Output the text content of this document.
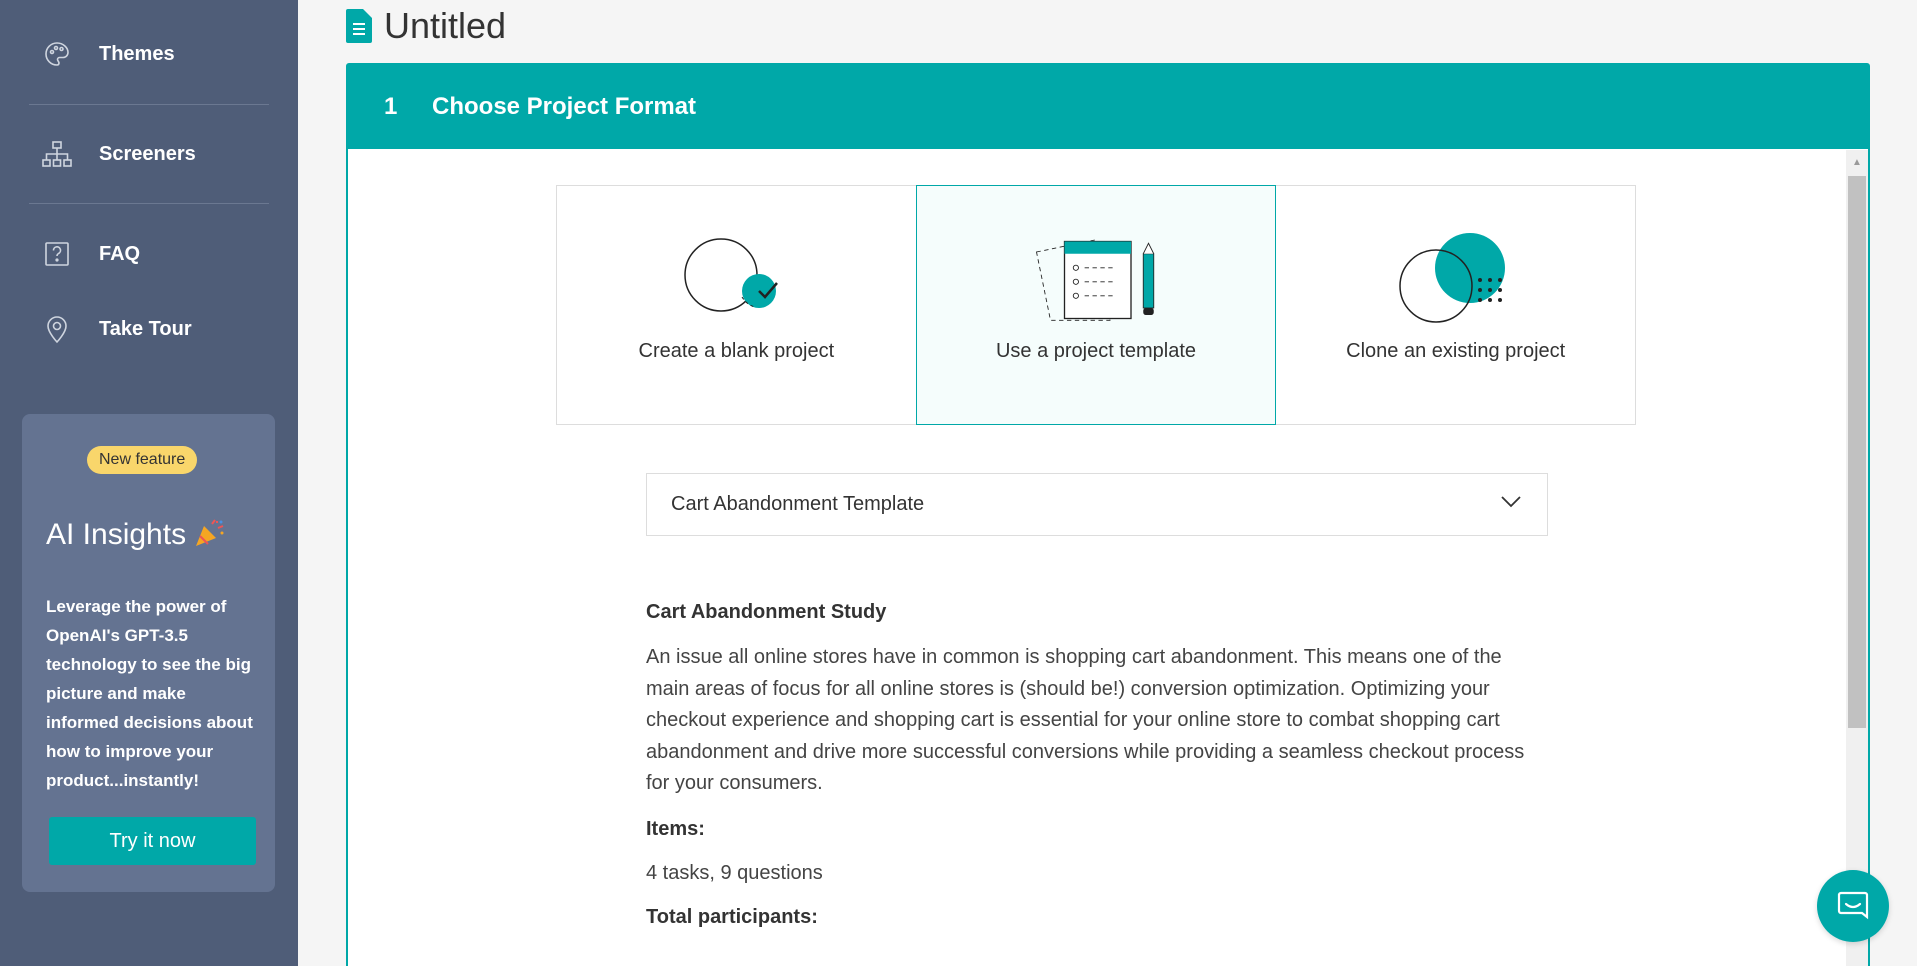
Themes
Screeners
FAQ
Take Tour
New feature
AI Insights
Leverage the power of OpenAI's GPT-3.5 technology to see the big picture and make informed decisions about how to improve your product...instantly!
Try it now
Untitled
1	Choose Project Format
▲
Create a blank project	Use a project template	Clone an existing project
Cart Abandonment Template
Cart Abandonment Study

An issue all online stores have in common is shopping cart abandonment. This means one of the main areas of focus for all online stores is (should be!) conversion optimization. Optimizing your checkout experience and shopping cart is essential for your online store to combat shopping cart abandonment and drive more successful conversions while providing a seamless checkout process for your consumers.

Items:
4 tasks, 9 questions
Total participants:
